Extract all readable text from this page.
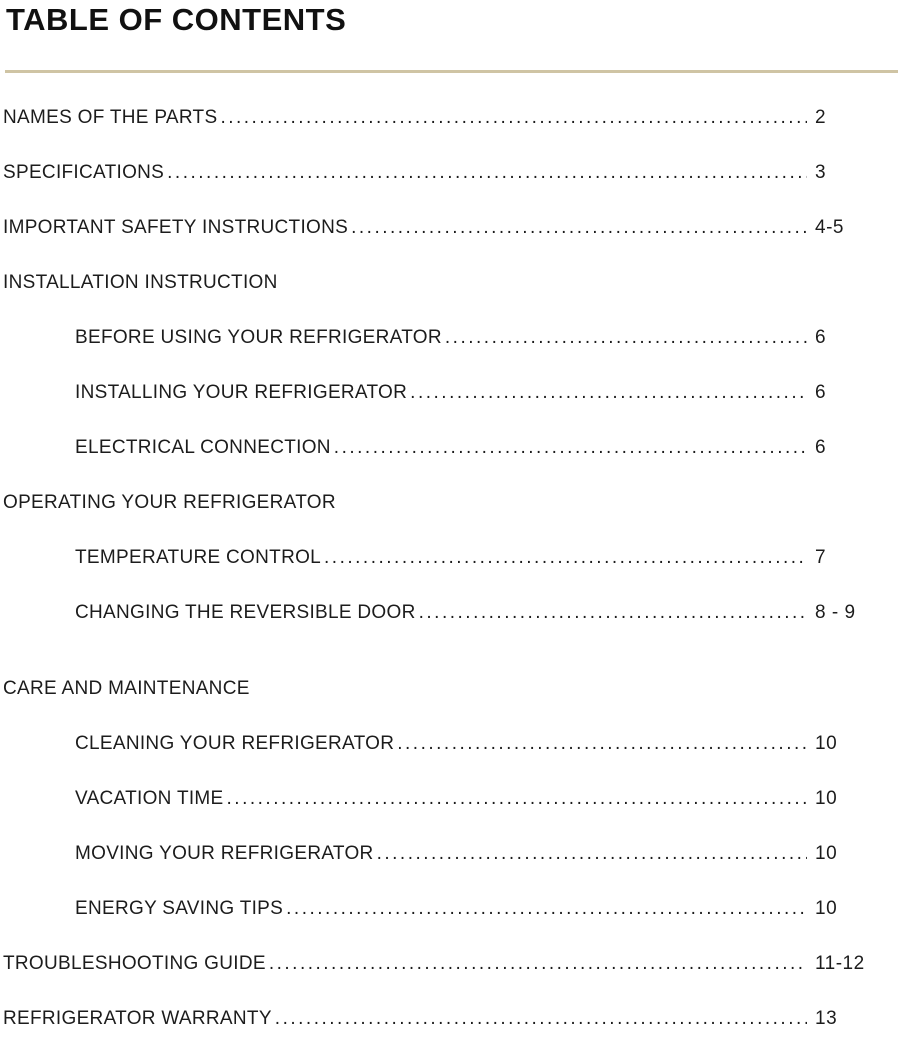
TABLE OF CONTENTS
NAMES OF THE PARTS .....	2
SPECIFICATIONS .....	3
IMPORTANT SAFETY INSTRUCTIONS .....	4-5
INSTALLATION INSTRUCTION
BEFORE USING YOUR REFRIGERATOR .....	6
INSTALLING YOUR REFRIGERATOR .....	6
ELECTRICAL CONNECTION .....	6
OPERATING YOUR REFRIGERATOR
TEMPERATURE CONTROL .....	7
CHANGING THE REVERSIBLE DOOR .....	8 - 9
CARE AND MAINTENANCE
CLEANING YOUR REFRIGERATOR .....	10
VACATION TIME .....	10
MOVING YOUR REFRIGERATOR .....	10
ENERGY SAVING TIPS .....	10
TROUBLESHOOTING GUIDE .....	11-12
REFRIGERATOR WARRANTY .....	13
